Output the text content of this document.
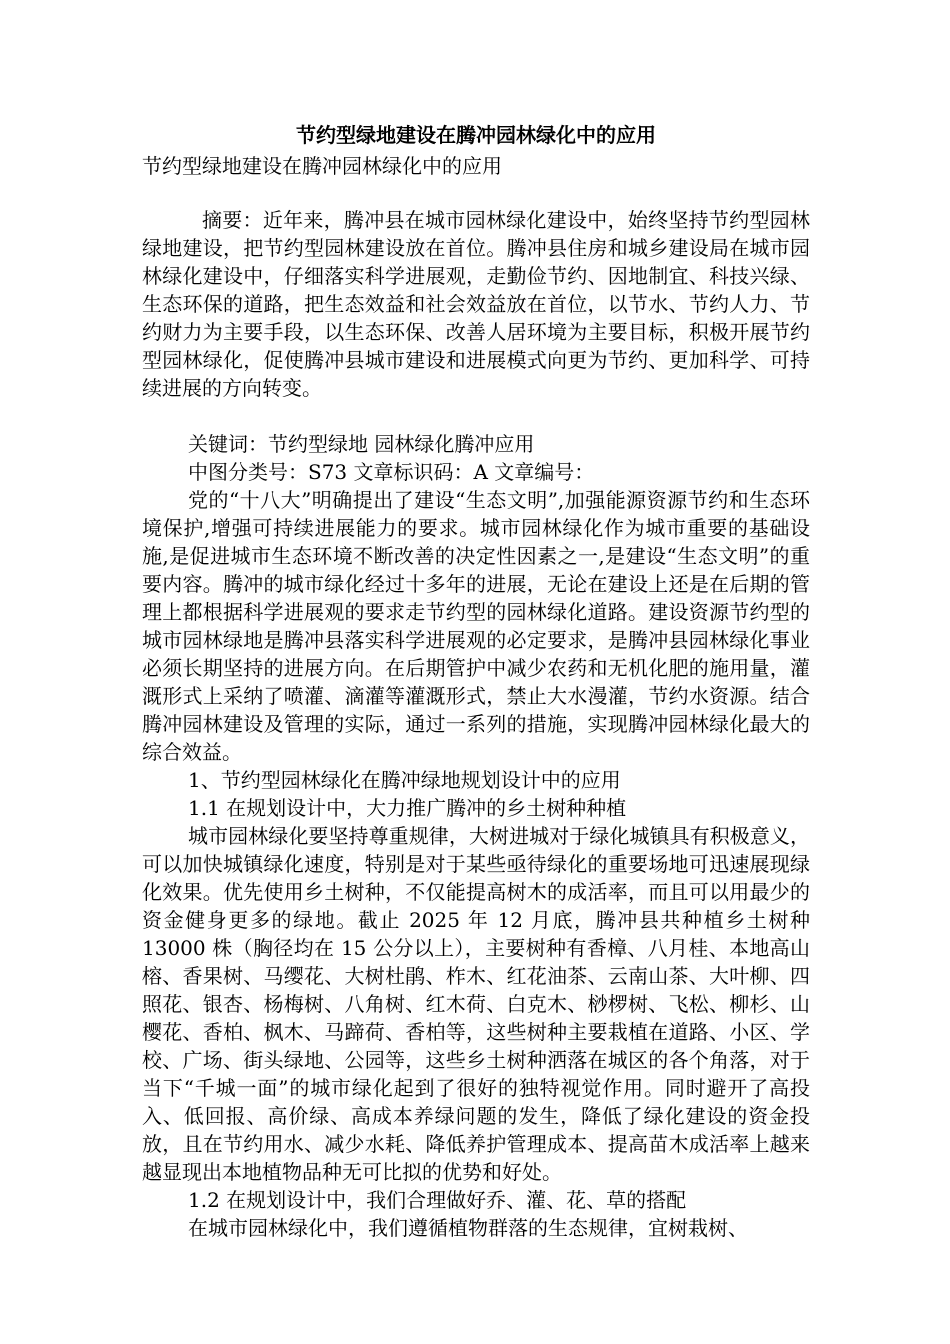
节约型绿地建设在腾冲园林绿化中的应用
节约型绿地建设在腾冲园林绿化中的应用

摘要：近年来，腾冲县在城市园林绿化建设中，始终坚持节约型园林绿地建设，把节约型园林建设放在首位。腾冲县住房和城乡建设局在城市园林绿化建设中，仔细落实科学进展观，走勤俭节约、因地制宜、科技兴绿、生态环保的道路，把生态效益和社会效益放在首位，以节水、节约人力、节约财力为主要手段，以生态环保、改善人居环境为主要目标，积极开展节约型园林绿化，促使腾冲县城市建设和进展模式向更为节约、更加科学、可持续进展的方向转变。

关键词：节约型绿地 园林绿化腾冲应用

中图分类号：S73 文章标识码：A 文章编号：

党的“十八大”明确提出了建设“生态文明”,加强能源资源节约和生态环境保护,增强可持续进展能力的要求。城市园林绿化作为城市重要的基础设施,是促进城市生态环境不断改善的决定性因素之一,是建设“生态文明”的重要内容。腾冲的城市绿化经过十多年的进展，无论在建设上还是在后期的管理上都根据科学进展观的要求走节约型的园林绿化道路。建设资源节约型的城市园林绿地是腾冲县落实科学进展观的必定要求，是腾冲县园林绿化事业必须长期坚持的进展方向。在后期管护中减少农药和无机化肥的施用量，灌溉形式上采纳了喷灌、滴灌等灌溉形式，禁止大水漫灌，节约水资源。结合腾冲园林建设及管理的实际，通过一系列的措施，实现腾冲园林绿化最大的综合效益。

1、节约型园林绿化在腾冲绿地规划设计中的应用

1.1 在规划设计中，大力推广腾冲的乡土树种种植

城市园林绿化要坚持尊重规律，大树进城对于绿化城镇具有积极意义，可以加快城镇绿化速度，特别是对于某些亟待绿化的重要场地可迅速展现绿化效果。优先使用乡土树种，不仅能提高树木的成活率，而且可以用最少的资金健身更多的绿地。截止 2025 年 12 月底，腾冲县共种植乡土树种 13000 株（胸径均在 15 公分以上），主要树种有香樟、八月桂、本地高山榕、香果树、马缨花、大树杜鹃、柞木、红花油茶、云南山茶、大叶柳、四照花、银杏、杨梅树、八角树、红木荷、白克木、桫椤树、飞松、柳杉、山樱花、香柏、枫木、马蹄荷、香柏等，这些树种主要栽植在道路、小区、学校、广场、街头绿地、公园等，这些乡土树种洒落在城区的各个角落，对于当下“千城一面”的城市绿化起到了很好的独特视觉作用。同时避开了高投入、低回报、高价绿、高成本养绿问题的发生，降低了绿化建设的资金投放，且在节约用水、减少水耗、降低养护管理成本、提高苗木成活率上越来越显现出本地植物品种无可比拟的优势和好处。

1.2 在规划设计中，我们合理做好乔、灌、花、草的搭配

在城市园林绿化中，我们遵循植物群落的生态规律，宜树栽树、
